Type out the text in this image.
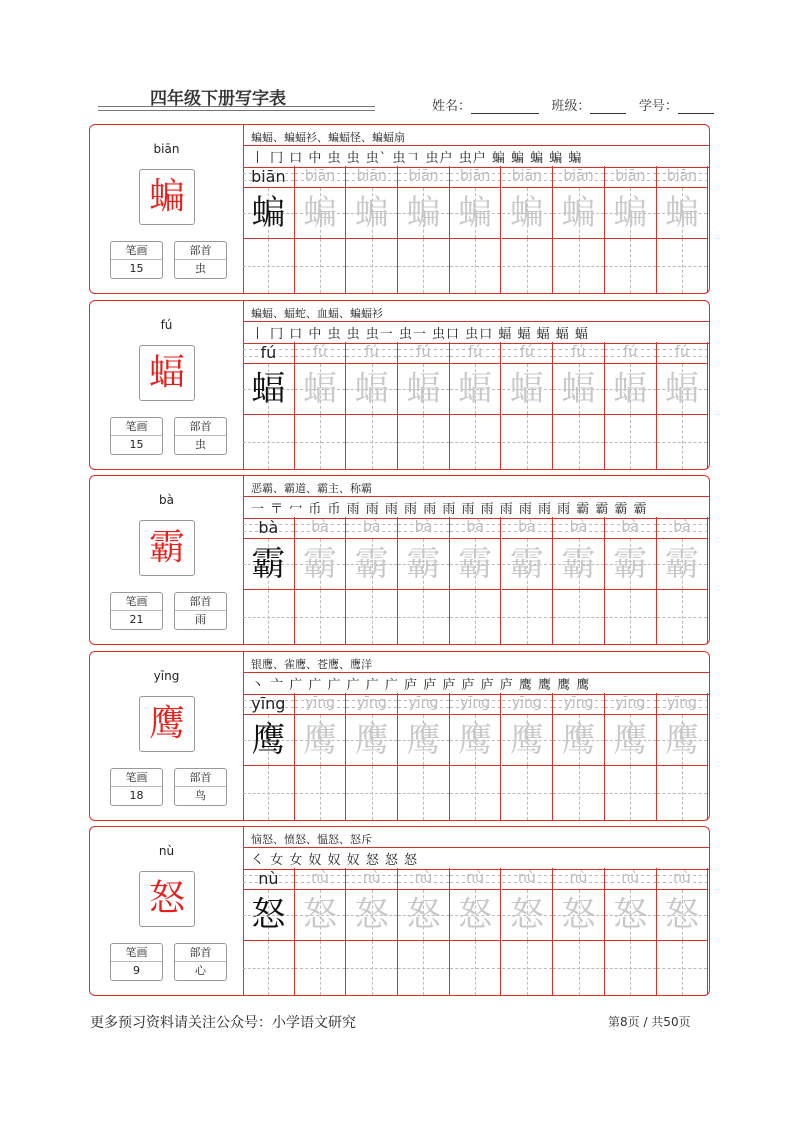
四年级下册写字表	姓名：	班级：	学号：
biān
蝙
笔画
15
部首
虫
蝙蝠、蝙蝠衫、蝙蝠怪、蝙蝠扇
丨 冂 口 中 虫 虫 虫ˋ 虫𠃍 虫户 虫户 蝙 蝙 蝙 蝙 蝙
biān
蝙
biān
蝙
biān
蝙
biān
蝙
biān
蝙
biān
蝙
biān
蝙
biān
蝙
biān
蝙
fú
蝠
笔画
15
部首
虫
蝙蝠、蝠蛇、血蝠、蝙蝠衫
丨 冂 口 中 虫 虫 虫一 虫一 虫口 虫口 蝠 蝠 蝠 蝠 蝠
fú
蝠
fú
蝠
fú
蝠
fú
蝠
fú
蝠
fú
蝠
fú
蝠
fú
蝠
fú
蝠
bà
霸
笔画
21
部首
雨
恶霸、霸道、霸主、称霸
一 〒 冖 币 币 雨 雨 雨 雨 雨 雨 雨 雨 雨 雨 雨 雨 霸 霸 霸 霸
bà
霸
bà
霸
bà
霸
bà
霸
bà
霸
bà
霸
bà
霸
bà
霸
bà
霸
yīng
鹰
笔画
18
部首
鸟
银鹰、雀鹰、苍鹰、鹰洋
丶 亠 广 广 广 广 广 广 庐 庐 庐 庐 庐 庐 鹰 鹰 鹰 鹰
yīng
鹰
yīng
鹰
yīng
鹰
yīng
鹰
yīng
鹰
yīng
鹰
yīng
鹰
yīng
鹰
yīng
鹰
nù
怒
笔画
9
部首
心
恼怒、愤怒、愠怒、怒斥
㇛ 女 女 奴 奴 奴 怒 怒 怒
nù
怒
nù
怒
nù
怒
nù
怒
nù
怒
nù
怒
nù
怒
nù
怒
nù
怒
更多预习资料请关注公众号：小学语文研究	第8页 / 共50页
